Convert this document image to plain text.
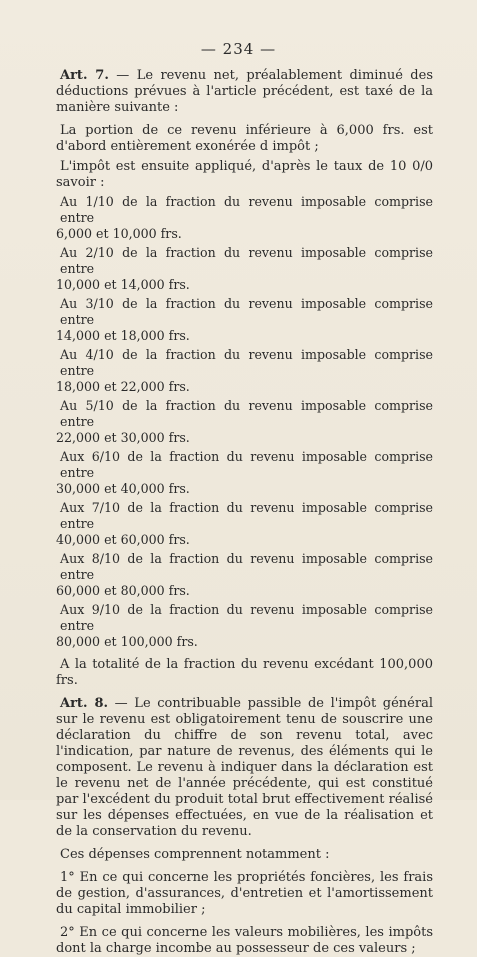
— 234 —

Art. 7. — Le revenu net, préalablement diminué des déductions prévues à l'article précédent, est taxé de la manière suivante :

La portion de ce revenu inférieure à 6,000 frs. est d'abord entièrement exonérée d impôt ;

L'impôt est ensuite appliqué, d'après le taux de 10 0/0 savoir :

Au 1/10 de la fraction du revenu imposable comprise entre
6,000 et 10,000 frs.

Au 2/10 de la fraction du revenu imposable comprise entre
10,000 et 14,000 frs.

Au 3/10 de la fraction du revenu imposable comprise entre
14,000 et 18,000 frs.

Au 4/10 de la fraction du revenu imposable comprise entre
18,000 et 22,000 frs.

Au 5/10 de la fraction du revenu imposable comprise entre
22,000 et 30,000 frs.

Aux 6/10 de la fraction du revenu imposable comprise entre
30,000 et 40,000 frs.

Aux 7/10 de la fraction du revenu imposable comprise entre
40,000 et 60,000 frs.

Aux 8/10 de la fraction du revenu imposable comprise entre
60,000 et 80,000 frs.

Aux 9/10 de la fraction du revenu imposable comprise entre
80,000 et 100,000 frs.

A la totalité de la fraction du revenu excédant 100,000 frs.

Art. 8. — Le contribuable passible de l'impôt général sur le revenu est obligatoirement tenu de souscrire une déclaration du chiffre de son revenu total, avec l'indication, par nature de revenus, des éléments qui le composent. Le revenu à indiquer dans la déclaration est le revenu net de l'année précédente, qui est constitué par l'excédent du produit total brut effectivement réalisé sur les dépenses effectuées, en vue de la réalisation et de la conservation du revenu.

Ces dépenses comprennent notamment :

1° En ce qui concerne les propriétés foncières, les frais de gestion, d'assurances, d'entretien et l'amortissement du capital immobilier ;

2° En ce qui concerne les valeurs mobilières, les impôts dont la charge incombe au possesseur de ces valeurs ;
